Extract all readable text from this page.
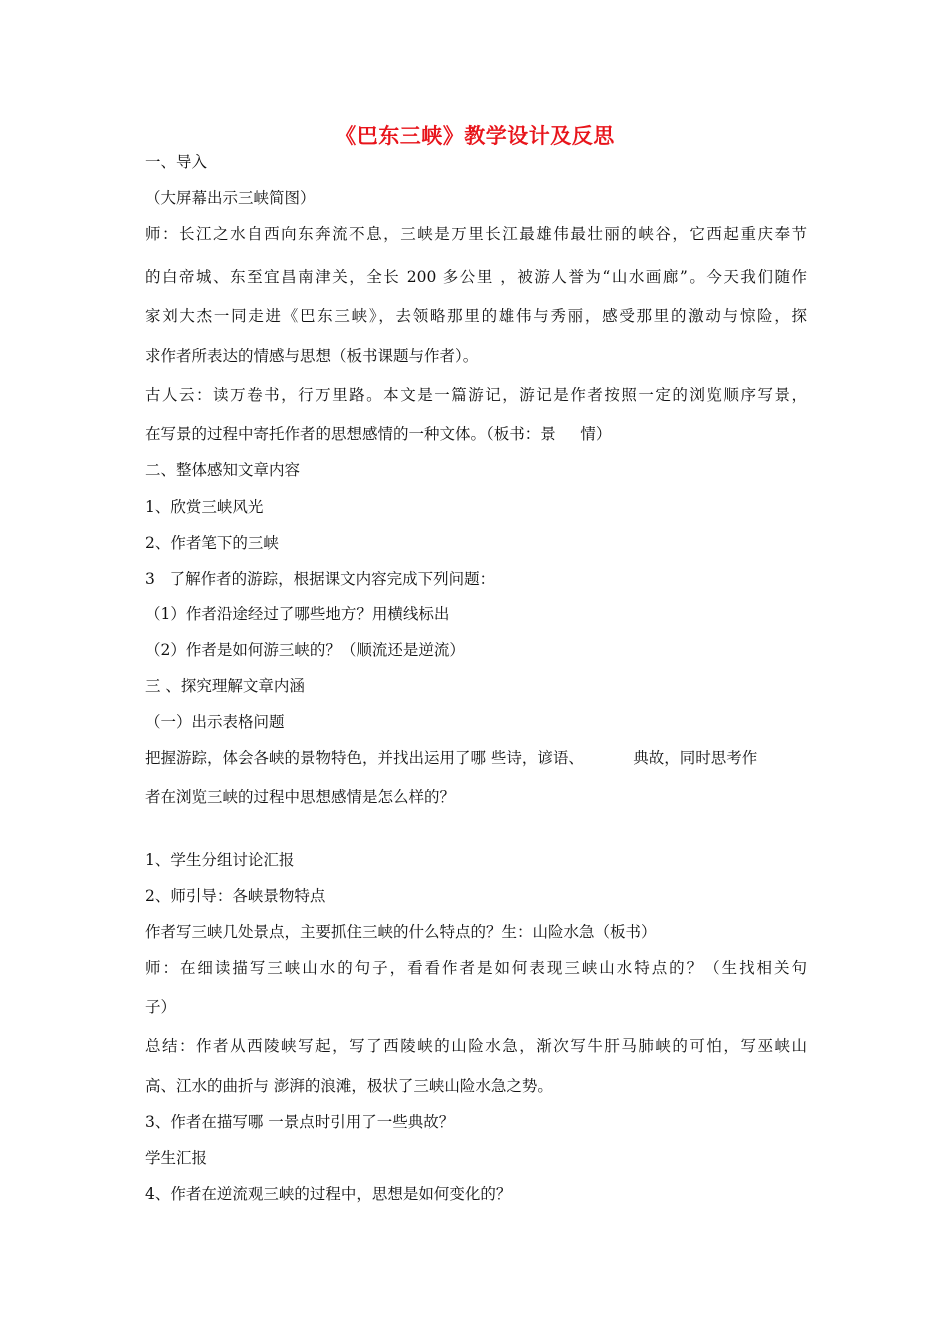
《巴东三峡》教学设计及反思
一、导入
（大屏幕出示三峡简图）
师：长江之水自西向东奔流不息，三峡是万里长江最雄伟最壮丽的峡谷，它西起重庆奉节
的白帝城、东至宜昌南津关，全长 200 多公里 ，被游人誉为“山水画廊”。今天我们随作
家刘大杰一同走进《巴东三峡》，去领略那里的雄伟与秀丽，感受那里的激动与惊险，探
求作者所表达的情感与思想（板书课题与作者）。
古人云：读万卷书，行万里路。本文是一篇游记，游记是作者按照一定的浏览顺序写景，
在写景的过程中寄托作者的思想感情的一种文体。（板书：景     情）
二、整体感知文章内容
1、欣赏三峡风光
2、作者笔下的三峡
3   了解作者的游踪，根据课文内容完成下列问题：
（1）作者沿途经过了哪些地方？用横线标出
（2）作者是如何游三峡的？（顺流还是逆流）
三 、探究理解文章内涵
（一）出示表格问题
把握游踪，体会各峡的景物特色，并找出运用了哪 些诗，谚语、          典故，同时思考作
者在浏览三峡的过程中思想感情是怎么样的？
1、学生分组讨论汇报
2、师引导：各峡景物特点
作者写三峡几处景点，主要抓住三峡的什么特点的？生：山险水急（板书）
师：在细读描写三峡山水的句子，看看作者是如何表现三峡山水特点的？（生找相关句
子）
总结：作者从西陵峡写起，写了西陵峡的山险水急，渐次写牛肝马肺峡的可怕，写巫峡山
高、江水的曲折与 澎湃的浪滩，极状了三峡山险水急之势。
3、作者在描写哪 一景点时引用了一些典故？
学生汇报
4、作者在逆流观三峡的过程中，思想是如何变化的？
